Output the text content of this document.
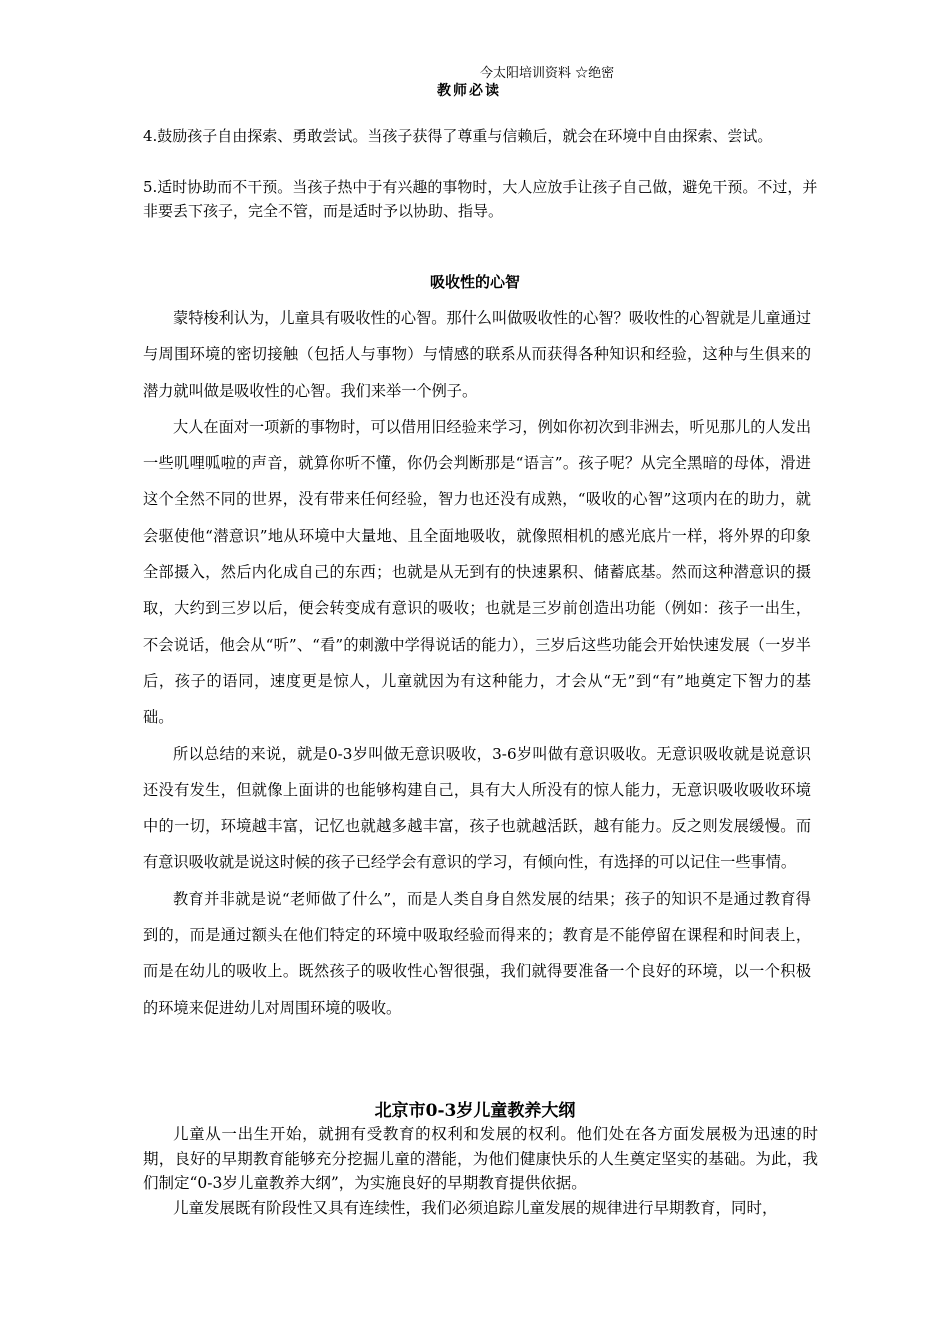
今太阳培训资料 ☆绝密
教师必读
4.鼓励孩子自由探索、勇敢尝试。当孩子获得了尊重与信赖后，就会在环境中自由探索、尝试。
5.适时协助而不干预。当孩子热中于有兴趣的事物时，大人应放手让孩子自己做，避免干预。不过，并非要丢下孩子，完全不管，而是适时予以协助、指导。
吸收性的心智

蒙特梭利认为，儿童具有吸收性的心智。那什么叫做吸收性的心智？吸收性的心智就是儿童通过与周围环境的密切接触（包括人与事物）与情感的联系从而获得各种知识和经验，这种与生俱来的潜力就叫做是吸收性的心智。我们来举一个例子。

大人在面对一项新的事物时，可以借用旧经验来学习，例如你初次到非洲去，听见那儿的人发出一些叽哩呱啦的声音，就算你听不懂，你仍会判断那是“语言”。孩子呢？从完全黑暗的母体，滑进这个全然不同的世界，没有带来任何经验，智力也还没有成熟，“吸收的心智”这项内在的助力，就会驱使他“潜意识”地从环境中大量地、且全面地吸收，就像照相机的感光底片一样，将外界的印象全部摄入，然后内化成自己的东西；也就是从无到有的快速累积、储蓄底基。然而这种潜意识的摄取，大约到三岁以后，便会转变成有意识的吸收；也就是三岁前创造出功能（例如：孩子一出生，不会说话，他会从“听”、“看”的刺激中学得说话的能力），三岁后这些功能会开始快速发展（一岁半后，孩子的语同，速度更是惊人，儿童就因为有这种能力，才会从“无”到“有”地奠定下智力的基础。

所以总结的来说，就是0-3岁叫做无意识吸收，3-6岁叫做有意识吸收。无意识吸收就是说意识还没有发生，但就像上面讲的也能够构建自己，具有大人所没有的惊人能力，无意识吸收吸收环境中的一切，环境越丰富，记忆也就越多越丰富，孩子也就越活跃，越有能力。反之则发展缓慢。而有意识吸收就是说这时候的孩子已经学会有意识的学习，有倾向性，有选择的可以记住一些事情。

教育并非就是说“老师做了什么”，而是人类自身自然发展的结果；孩子的知识不是通过教育得到的，而是通过额头在他们特定的环境中吸取经验而得来的；教育是不能停留在课程和时间表上，而是在幼儿的吸收上。既然孩子的吸收性心智很强，我们就得要准备一个良好的环境，以一个积极的环境来促进幼儿对周围环境的吸收。

北京市0-3岁儿童教养大纲

儿童从一出生开始，就拥有受教育的权利和发展的权利。他们处在各方面发展极为迅速的时期，良好的早期教育能够充分挖掘儿童的潜能，为他们健康快乐的人生奠定坚实的基础。为此，我们制定“0-3岁儿童教养大纲”，为实施良好的早期教育提供依据。

儿童发展既有阶段性又具有连续性，我们必须追踪儿童发展的规律进行早期教育，同时，
